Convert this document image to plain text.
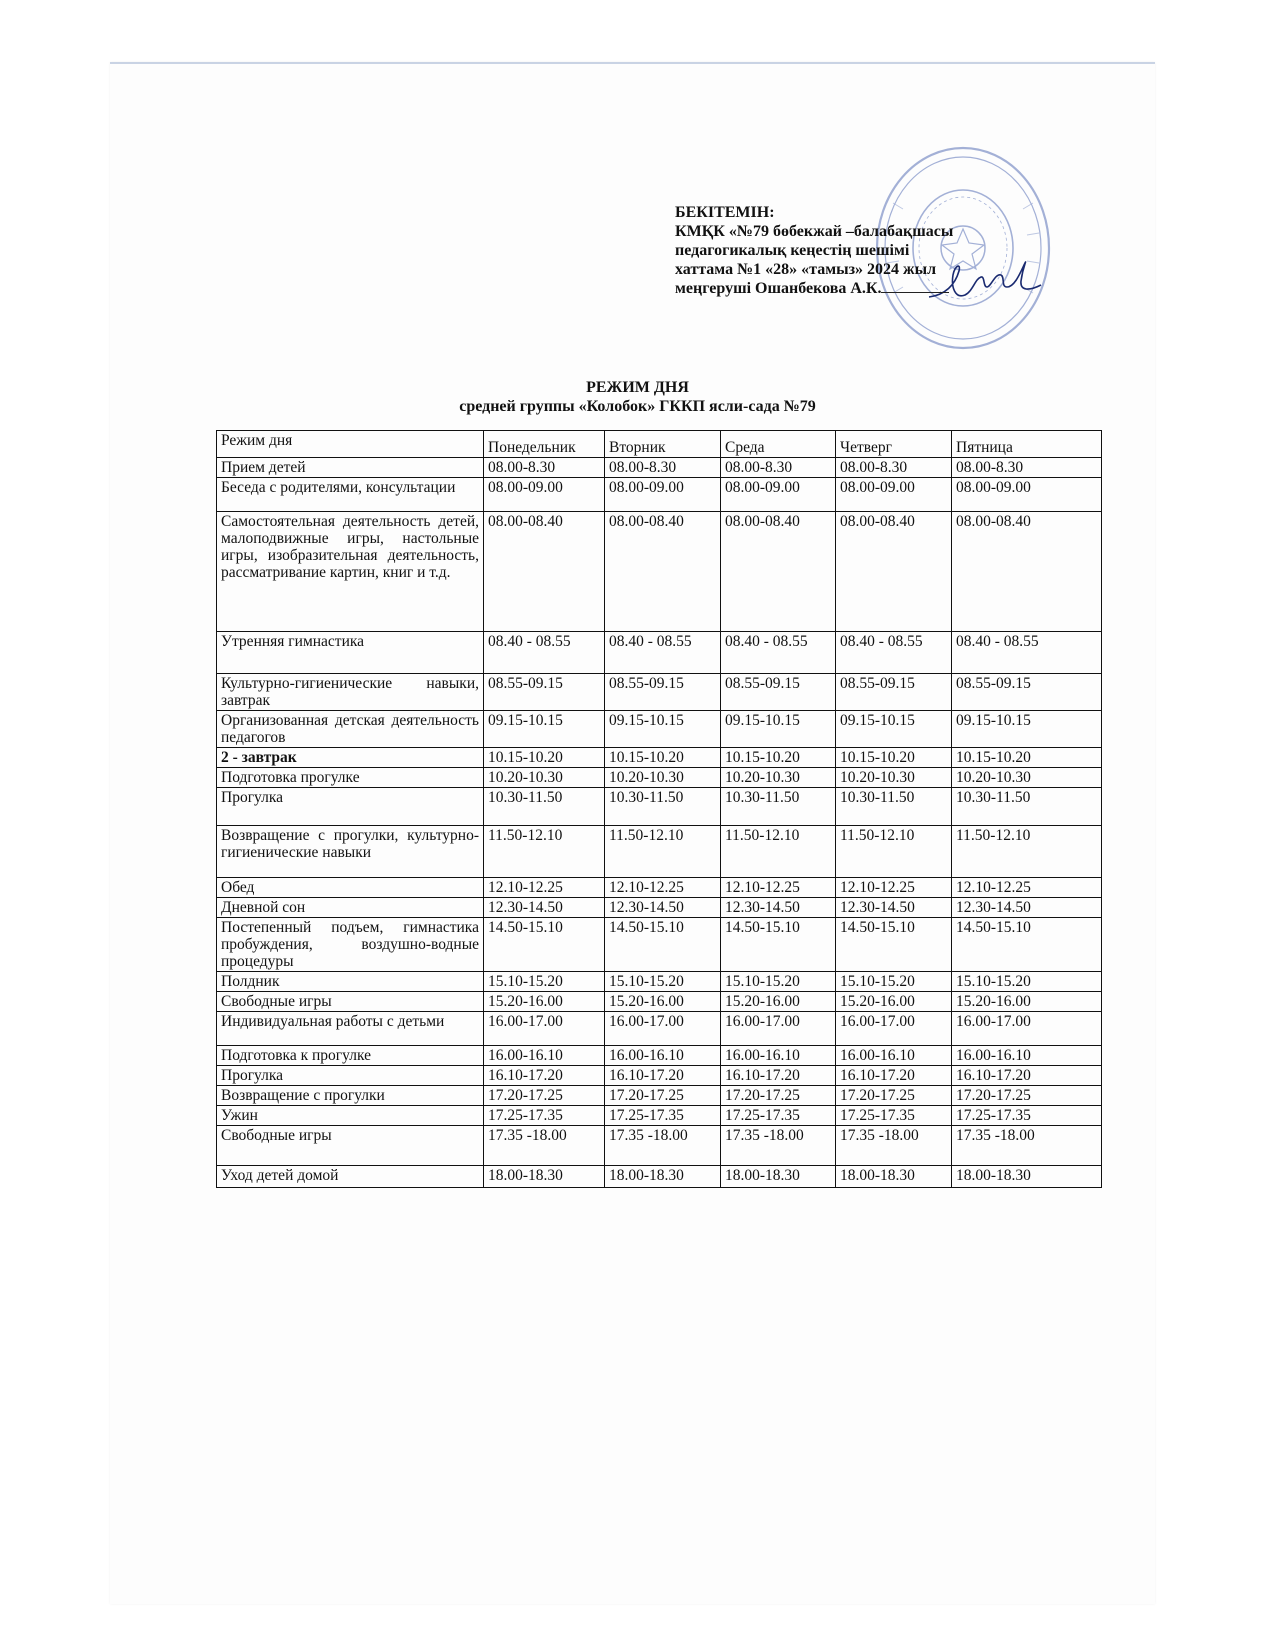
БЕКІТЕМІН:
КМҚК «№79 бөбекжай –балабақшасы
педагогикалық кеңестің шешімі
хаттама №1 «28» «тамыз» 2024 жыл
меңгеруші Ошанбекова А.К.
РЕЖИМ ДНЯ
средней группы «Колобок» ГККП ясли-сада №79
Режим дня	Понедельник	Вторник	Среда	Четверг	Пятница
Прием детей	08.00-8.30	08.00-8.30	08.00-8.30	08.00-8.30	08.00-8.30
Беседа с родителями, консультации	08.00-09.00	08.00-09.00	08.00-09.00	08.00-09.00	08.00-09.00
Самостоятельная деятельность детей, малоподвижные игры, настольные игры, изобразительная деятельность, рассматривание картин, книг и т.д.	08.00-08.40	08.00-08.40	08.00-08.40	08.00-08.40	08.00-08.40
Утренняя гимнастика	08.40 - 08.55	08.40 - 08.55	08.40 - 08.55	08.40 - 08.55	08.40 - 08.55
Культурно-гигиенические навыки, завтрак	08.55-09.15	08.55-09.15	08.55-09.15	08.55-09.15	08.55-09.15
Организованная детская деятельность педагогов	09.15-10.15	09.15-10.15	09.15-10.15	09.15-10.15	09.15-10.15
2 - завтрак	10.15-10.20	10.15-10.20	10.15-10.20	10.15-10.20	10.15-10.20
Подготовка прогулке	10.20-10.30	10.20-10.30	10.20-10.30	10.20-10.30	10.20-10.30
Прогулка	10.30-11.50	10.30-11.50	10.30-11.50	10.30-11.50	10.30-11.50
Возвращение с прогулки, культурно-гигиенические навыки	11.50-12.10	11.50-12.10	11.50-12.10	11.50-12.10	11.50-12.10
Обед	12.10-12.25	12.10-12.25	12.10-12.25	12.10-12.25	12.10-12.25
Дневной сон	12.30-14.50	12.30-14.50	12.30-14.50	12.30-14.50	12.30-14.50
Постепенный подъем, гимнастика пробуждения, воздушно-водные процедуры	14.50-15.10	14.50-15.10	14.50-15.10	14.50-15.10	14.50-15.10
Полдник	15.10-15.20	15.10-15.20	15.10-15.20	15.10-15.20	15.10-15.20
Свободные игры	15.20-16.00	15.20-16.00	15.20-16.00	15.20-16.00	15.20-16.00
Индивидуальная работы с детьми	16.00-17.00	16.00-17.00	16.00-17.00	16.00-17.00	16.00-17.00
Подготовка к прогулке	16.00-16.10	16.00-16.10	16.00-16.10	16.00-16.10	16.00-16.10
Прогулка	16.10-17.20	16.10-17.20	16.10-17.20	16.10-17.20	16.10-17.20
Возвращение с прогулки	17.20-17.25	17.20-17.25	17.20-17.25	17.20-17.25	17.20-17.25
Ужин	17.25-17.35	17.25-17.35	17.25-17.35	17.25-17.35	17.25-17.35
Свободные игры	17.35 -18.00	17.35 -18.00	17.35 -18.00	17.35 -18.00	17.35 -18.00
Уход детей домой	18.00-18.30	18.00-18.30	18.00-18.30	18.00-18.30	18.00-18.30
